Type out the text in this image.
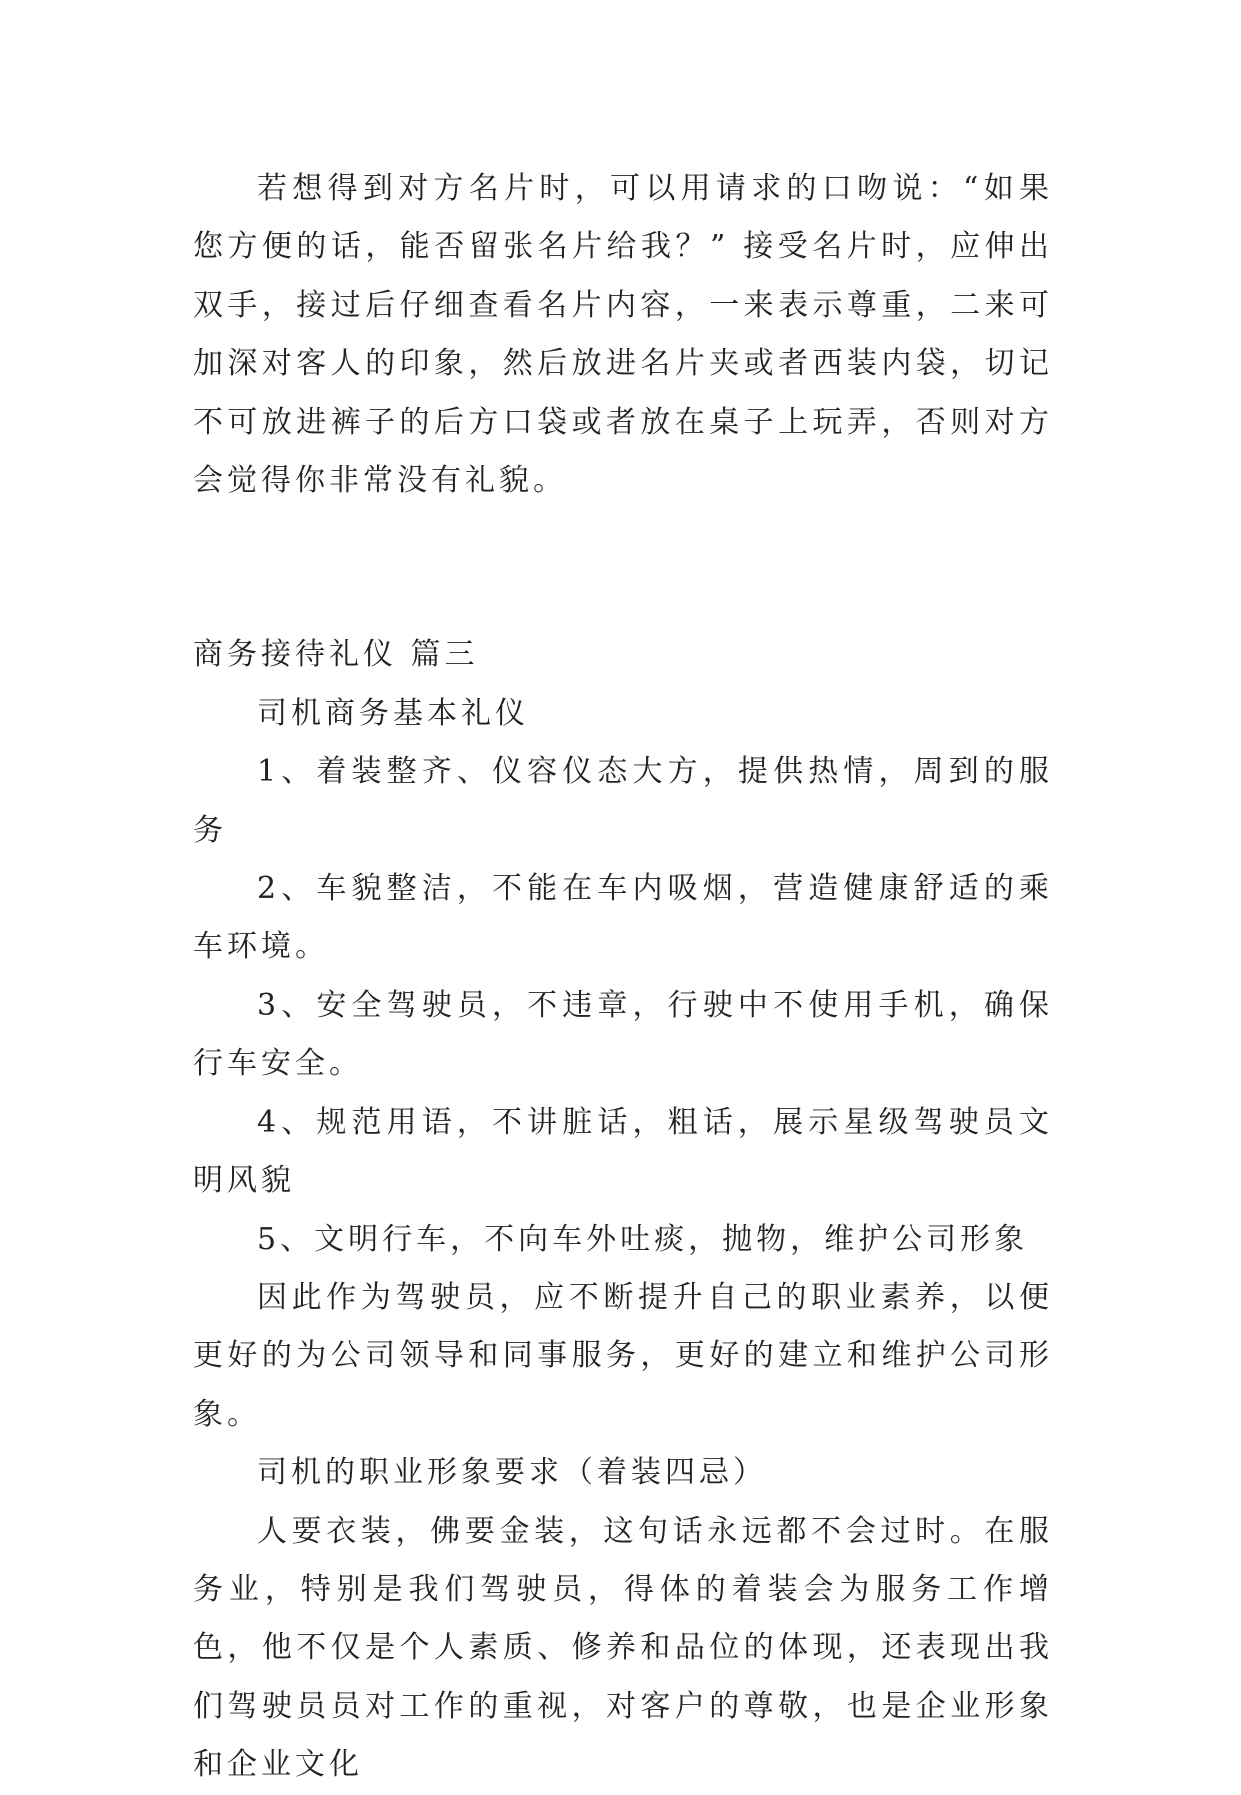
若想得到对方名片时，可以用请求的口吻说：“如果您方便的话，能否留张名片给我？” 接受名片时，应伸出双手，接过后仔细查看名片内容，一来表示尊重，二来可加深对客人的印象，然后放进名片夹或者西装内袋，切记不可放进裤子的后方口袋或者放在桌子上玩弄，否则对方会觉得你非常没有礼貌。

商务接待礼仪 篇三

司机商务基本礼仪

1、着装整齐、仪容仪态大方，提供热情，周到的服务

2、车貌整洁，不能在车内吸烟，营造健康舒适的乘车环境。

3、安全驾驶员，不违章，行驶中不使用手机，确保行车安全。

4、规范用语，不讲脏话，粗话，展示星级驾驶员文明风貌

5、文明行车，不向车外吐痰，抛物，维护公司形象

因此作为驾驶员，应不断提升自己的职业素养，以便更好的为公司领导和同事服务，更好的建立和维护公司形象。

司机的职业形象要求（着装四忌）

人要衣装，佛要金装，这句话永远都不会过时。在服务业，特别是我们驾驶员，得体的着装会为服务工作增色，他不仅是个人素质、修养和品位的体现，还表现出我们驾驶员员对工作的重视，对客户的尊敬，也是企业形象和企业文化
